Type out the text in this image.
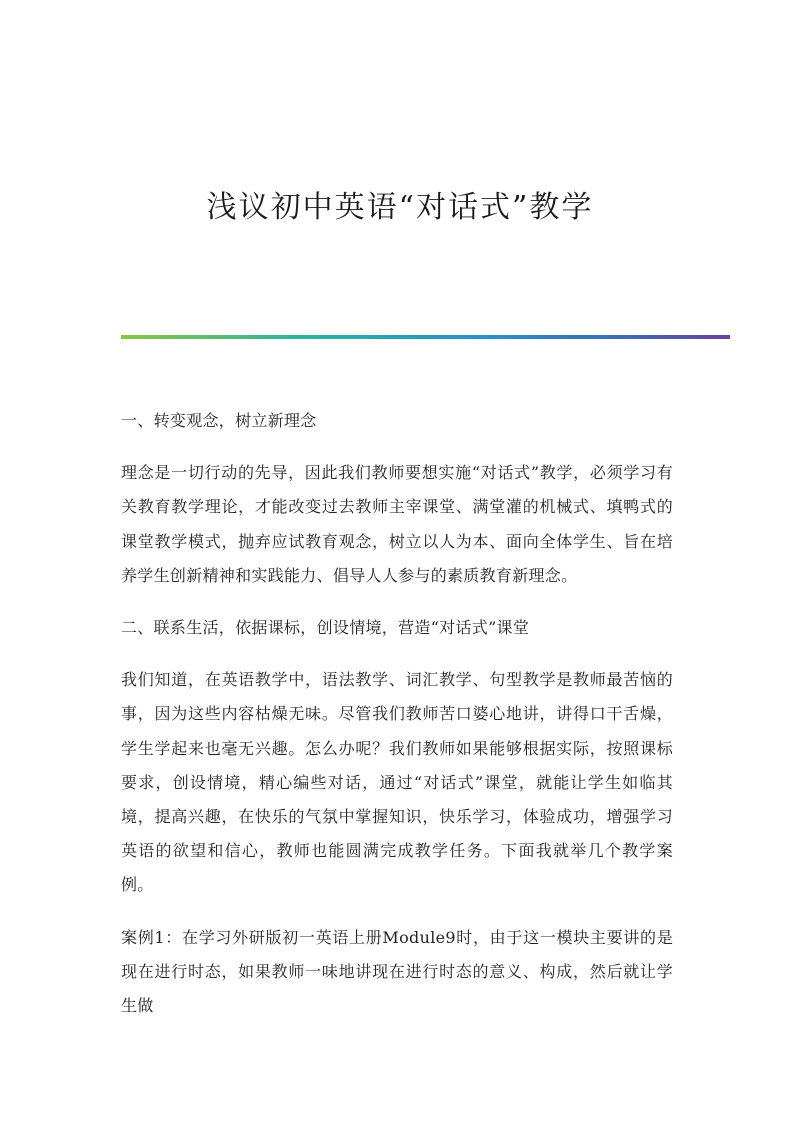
浅议初中英语“对话式”教学

一、转变观念，树立新理念

理念是一切行动的先导，因此我们教师要想实施“对话式”教学，必须学习有关教育教学理论，才能改变过去教师主宰课堂、满堂灌的机械式、填鸭式的课堂教学模式，抛弃应试教育观念，树立以人为本、面向全体学生、旨在培养学生创新精神和实践能力、倡导人人参与的素质教育新理念。

二、联系生活，依据课标，创设情境，营造“对话式”课堂

我们知道，在英语教学中，语法教学、词汇教学、句型教学是教师最苦恼的事，因为这些内容枯燥无味。尽管我们教师苦口婆心地讲，讲得口干舌燥，学生学起来也毫无兴趣。怎么办呢？我们教师如果能够根据实际，按照课标要求，创设情境，精心编些对话，通过“对话式”课堂，就能让学生如临其境，提高兴趣，在快乐的气氛中掌握知识，快乐学习，体验成功，增强学习英语的欲望和信心，教师也能圆满完成教学任务。下面我就举几个教学案例。

案例1：在学习外研版初一英语上册Module9时，由于这一模块主要讲的是现在进行时态，如果教师一味地讲现在进行时态的意义、构成，然后就让学生做
